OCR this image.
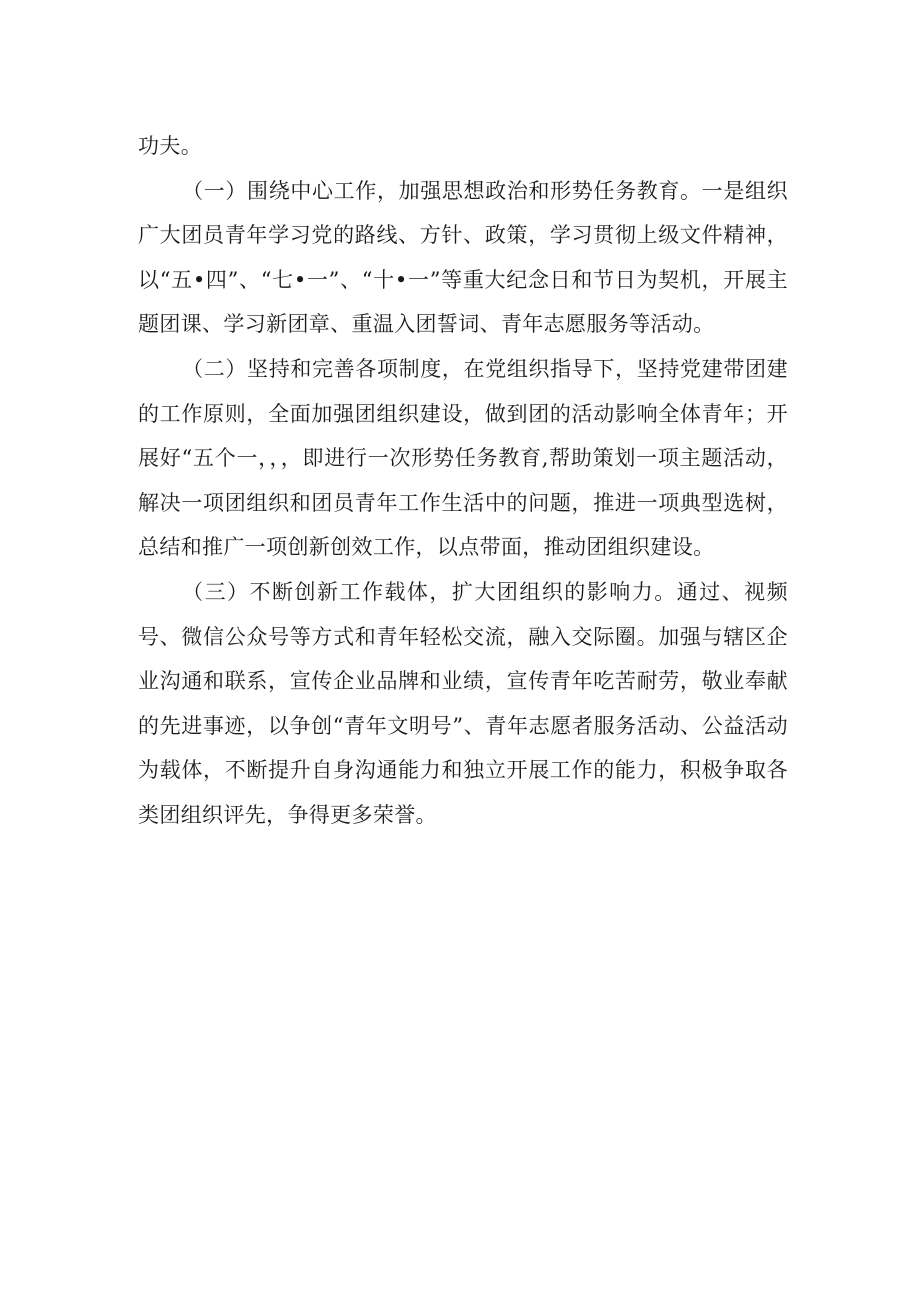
功夫。

（一）围绕中心工作，加强思想政治和形势任务教育。一是组织广大团员青年学习党的路线、方针、政策，学习贯彻上级文件精神，以“五•四”、“七•一”、“十•一”等重大纪念日和节日为契机，开展主题团课、学习新团章、重温入团誓词、青年志愿服务等活动。

（二）坚持和完善各项制度，在党组织指导下，坚持党建带团建的工作原则，全面加强团组织建设，做到团的活动影响全体青年；开展好“五个一，，，即进行一次形势任务教育,帮助策划一项主题活动，解决一项团组织和团员青年工作生活中的问题，推进一项典型选树，总结和推广一项创新创效工作，以点带面，推动团组织建设。

（三）不断创新工作载体，扩大团组织的影响力。通过、视频号、微信公众号等方式和青年轻松交流，融入交际圈。加强与辖区企业沟通和联系，宣传企业品牌和业绩，宣传青年吃苦耐劳，敬业奉献的先进事迹，以争创“青年文明号”、青年志愿者服务活动、公益活动为载体，不断提升自身沟通能力和独立开展工作的能力，积极争取各类团组织评先，争得更多荣誉。
